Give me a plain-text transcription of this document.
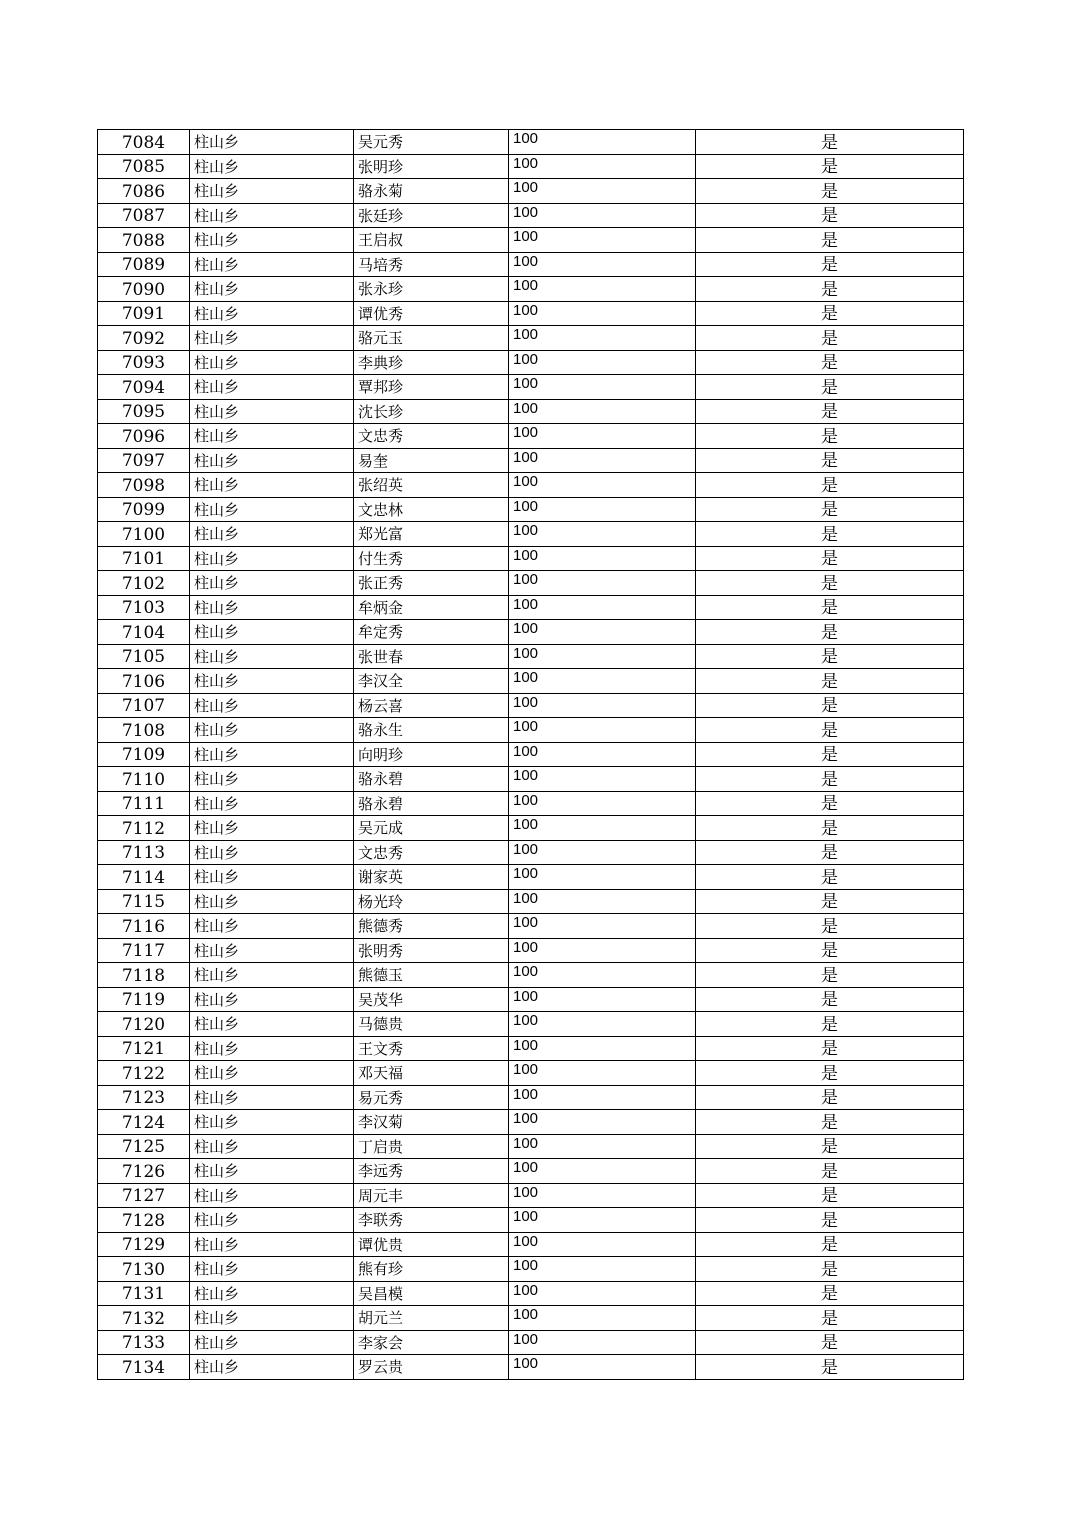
7084	柱山乡	吴元秀	100	是
7085	柱山乡	张明珍	100	是
7086	柱山乡	骆永菊	100	是
7087	柱山乡	张廷珍	100	是
7088	柱山乡	王启叔	100	是
7089	柱山乡	马培秀	100	是
7090	柱山乡	张永珍	100	是
7091	柱山乡	谭优秀	100	是
7092	柱山乡	骆元玉	100	是
7093	柱山乡	李典珍	100	是
7094	柱山乡	覃邦珍	100	是
7095	柱山乡	沈长珍	100	是
7096	柱山乡	文忠秀	100	是
7097	柱山乡	易奎	100	是
7098	柱山乡	张绍英	100	是
7099	柱山乡	文忠林	100	是
7100	柱山乡	郑光富	100	是
7101	柱山乡	付生秀	100	是
7102	柱山乡	张正秀	100	是
7103	柱山乡	牟炳金	100	是
7104	柱山乡	牟定秀	100	是
7105	柱山乡	张世春	100	是
7106	柱山乡	李汉全	100	是
7107	柱山乡	杨云喜	100	是
7108	柱山乡	骆永生	100	是
7109	柱山乡	向明珍	100	是
7110	柱山乡	骆永碧	100	是
7111	柱山乡	骆永碧	100	是
7112	柱山乡	吴元成	100	是
7113	柱山乡	文忠秀	100	是
7114	柱山乡	谢家英	100	是
7115	柱山乡	杨光玲	100	是
7116	柱山乡	熊德秀	100	是
7117	柱山乡	张明秀	100	是
7118	柱山乡	熊德玉	100	是
7119	柱山乡	吴茂华	100	是
7120	柱山乡	马德贵	100	是
7121	柱山乡	王文秀	100	是
7122	柱山乡	邓天福	100	是
7123	柱山乡	易元秀	100	是
7124	柱山乡	李汉菊	100	是
7125	柱山乡	丁启贵	100	是
7126	柱山乡	李远秀	100	是
7127	柱山乡	周元丰	100	是
7128	柱山乡	李联秀	100	是
7129	柱山乡	谭优贵	100	是
7130	柱山乡	熊有珍	100	是
7131	柱山乡	吴昌模	100	是
7132	柱山乡	胡元兰	100	是
7133	柱山乡	李家会	100	是
7134	柱山乡	罗云贵	100	是
